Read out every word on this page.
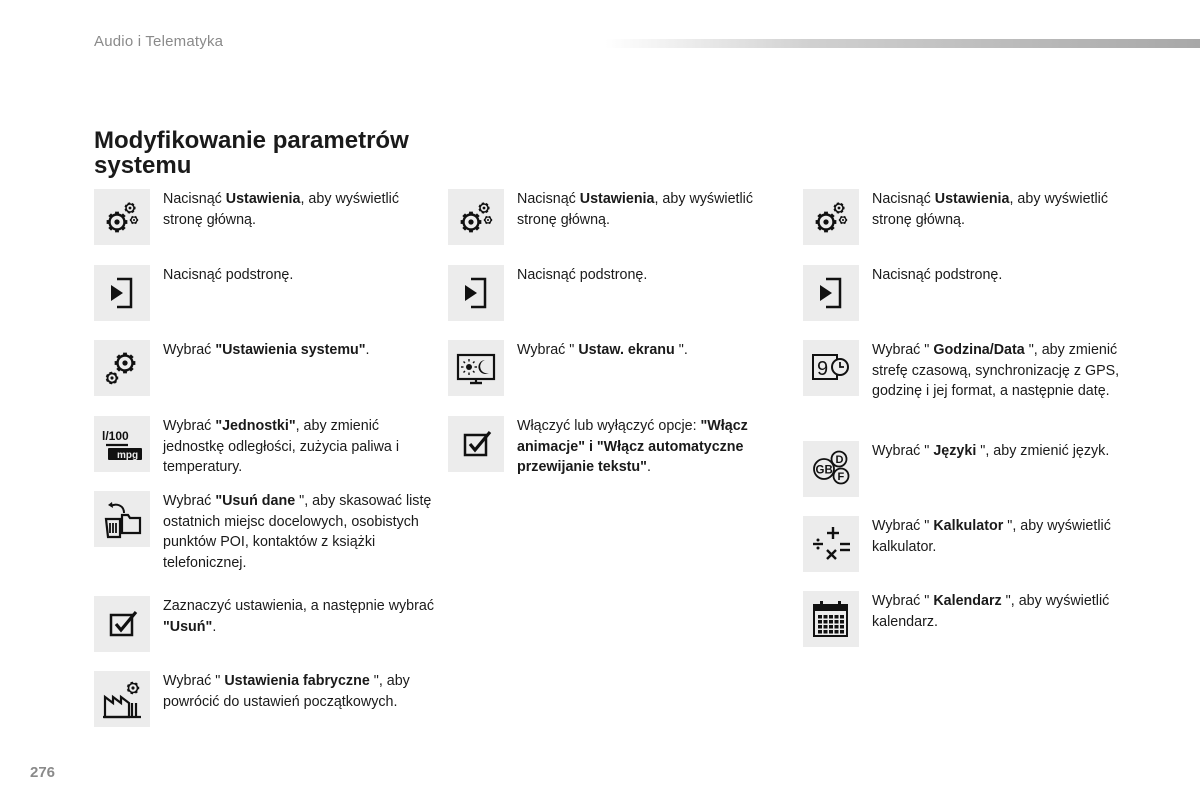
Audio i Telematyka
Modyfikowanie parametrów systemu
Nacisnąć Ustawienia, aby wyświetlić stronę główną.
Nacisnąć podstronę.
Wybrać "Ustawienia systemu".
l/100
mpg
Wybrać "Jednostki", aby zmienić jednostkę odległości, zużycia paliwa i temperatury.
Wybrać "Usuń dane ", aby skasować listę ostatnich miejsc docelowych, osobistych punktów POI, kontaktów z książki telefonicznej.
Zaznaczyć ustawienia, a następnie wybrać "Usuń".
Wybrać " Ustawienia fabryczne ", aby powrócić do ustawień początkowych.
Nacisnąć Ustawienia, aby wyświetlić stronę główną.
Nacisnąć podstronę.
Wybrać " Ustaw. ekranu ".
Włączyć lub wyłączyć opcje: "Włącz animacje" i "Włącz automatyczne przewijanie tekstu".
Nacisnąć Ustawienia, aby wyświetlić stronę główną.
Nacisnąć podstronę.
9
Wybrać " Godzina/Data ", aby zmienić strefę czasową, synchronizację z GPS, godzinę i jej format, a następnie datę.
D
F
GB
Wybrać " Języki ", aby zmienić język.
Wybrać " Kalkulator ", aby wyświetlić kalkulator.
Wybrać " Kalendarz ", aby wyświetlić kalendarz.
276
